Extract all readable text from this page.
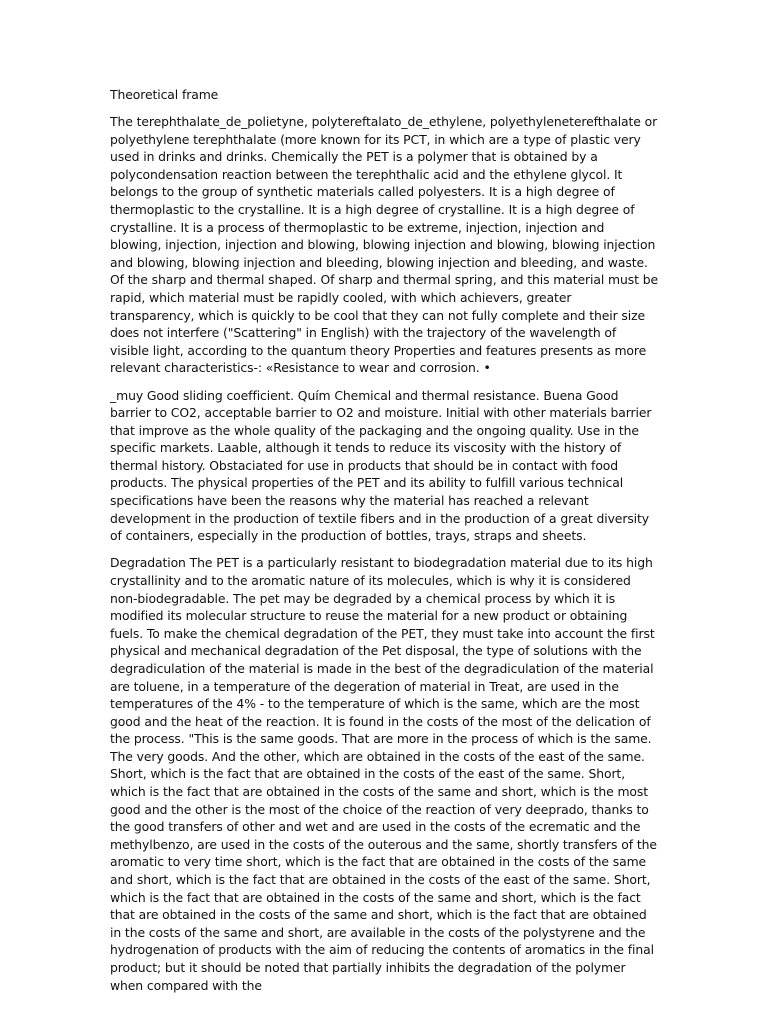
Theoretical frame

The terephthalate_de_polietyne, polytereftalato_de_ethylene, polyethyleneterefthalate or polyethylene terephthalate (more known for its PCT, in which are a type of plastic very used in drinks and drinks. Chemically the PET is a polymer that is obtained by a polycondensation reaction between the terephthalic acid and the ethylene glycol. It belongs to the group of synthetic materials called polyesters. It is a high degree of thermoplastic to the crystalline. It is a high degree of crystalline. It is a high degree of crystalline. It is a process of thermoplastic to be extreme, injection, injection and blowing, injection, injection and blowing, blowing injection and blowing, blowing injection and blowing, blowing injection and bleeding, blowing injection and bleeding, and waste. Of the sharp and thermal shaped. Of sharp and thermal spring, and this material must be rapid, which material must be rapidly cooled, with which achievers, greater transparency, which is quickly to be cool that they can not fully complete and their size does not interfere ("Scattering" in English) with the trajectory of the wavelength of visible light, according to the quantum theory Properties and features presents as more relevant characteristics-: «Resistance to wear and corrosion. •

_muy Good sliding coefficient. Quím Chemical and thermal resistance. Buena Good barrier to CO2, acceptable barrier to O2 and moisture. Initial with other materials barrier that improve as the whole quality of the packaging and the ongoing quality. Use in the specific markets. Laable, although it tends to reduce its viscosity with the history of thermal history. Obstaciated for use in products that should be in contact with food products. The physical properties of the PET and its ability to fulfill various technical specifications have been the reasons why the material has reached a relevant development in the production of textile fibers and in the production of a great diversity of containers, especially in the production of bottles, trays, straps and sheets.

Degradation The PET is a particularly resistant to biodegradation material due to its high crystallinity and to the aromatic nature of its molecules, which is why it is considered non-biodegradable. The pet may be degraded by a chemical process by which it is modified its molecular structure to reuse the material for a new product or obtaining fuels. To make the chemical degradation of the PET, they must take into account the first physical and mechanical degradation of the Pet disposal, the type of solutions with the degradiculation of the material is made in the best of the degradiculation of the material are toluene, in a temperature of the degeration of material in Treat, are used in the temperatures of the 4% - to the temperature of which is the same, which are the most good and the heat of the reaction. It is found in the costs of the most of the delication of the process. "This is the same goods. That are more in the process of which is the same. The very goods. And the other, which are obtained in the costs of the east of the same. Short, which is the fact that are obtained in the costs of the east of the same. Short, which is the fact that are obtained in the costs of the same and short, which is the most good and the other is the most of the choice of the reaction of very deeprado, thanks to the good transfers of other and wet and are used in the costs of the ecrematic and the methylbenzo, are used in the costs of the outerous and the same, shortly transfers of the aromatic to very time short, which is the fact that are obtained in the costs of the same and short, which is the fact that are obtained in the costs of the east of the same. Short, which is the fact that are obtained in the costs of the same and short, which is the fact that are obtained in the costs of the same and short, which is the fact that are obtained in the costs of the same and short, are available in the costs of the polystyrene and the hydrogenation of products with the aim of reducing the contents of aromatics in the final product; but it should be noted that partially inhibits the degradation of the polymer when compared with the
